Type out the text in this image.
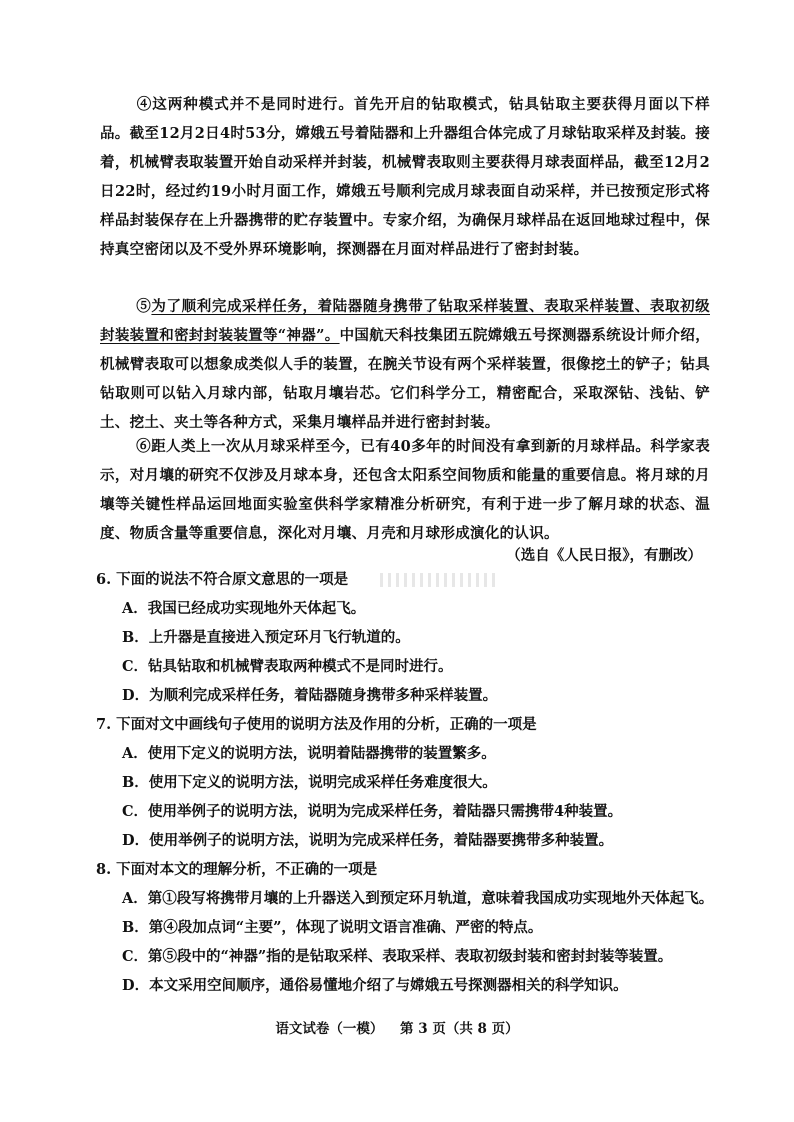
④这两种模式并不是同时进行。首先开启的钻取模式，钻具钻取主要获得月面以下样品。截至12月2日4时53分，嫦娥五号着陆器和上升器组合体完成了月球钻取采样及封装。接着，机械臂表取装置开始自动采样并封装，机械臂表取则主要获得月球表面样品，截至12月2日22时，经过约19小时月面工作，嫦娥五号顺利完成月球表面自动采样，并已按预定形式将样品封装保存在上升器携带的贮存装置中。专家介绍，为确保月球样品在返回地球过程中，保持真空密闭以及不受外界环境影响，探测器在月面对样品进行了密封封装。
⑤为了顺利完成采样任务，着陆器随身携带了钻取采样装置、表取采样装置、表取初级封装装置和密封封装装置等“神器”。中国航天科技集团五院嫦娥五号探测器系统设计师介绍，机械臂表取可以想象成类似人手的装置，在腕关节设有两个采样装置，很像挖土的铲子；钻具钻取则可以钻入月球内部，钻取月壤岩芯。它们科学分工，精密配合，采取深钻、浅钻、铲土、挖土、夹土等各种方式，采集月壤样品并进行密封封装。
⑥距人类上一次从月球采样至今，已有40多年的时间没有拿到新的月球样品。科学家表示，对月壤的研究不仅涉及月球本身，还包含太阳系空间物质和能量的重要信息。将月球的月壤等关键性样品运回地面实验室供科学家精准分析研究，有利于进一步了解月球的状态、温度、物质含量等重要信息，深化对月壤、月壳和月球形成演化的认识。
（选自《人民日报》，有删改）
6. 下面的说法不符合原文意思的一项是
A．我国已经成功实现地外天体起飞。
B．上升器是直接进入预定环月飞行轨道的。
C．钻具钻取和机械臂表取两种模式不是同时进行。
D．为顺利完成采样任务，着陆器随身携带多种采样装置。
7. 下面对文中画线句子使用的说明方法及作用的分析，正确的一项是
A．使用下定义的说明方法，说明着陆器携带的装置繁多。
B．使用下定义的说明方法，说明完成采样任务难度很大。
C．使用举例子的说明方法，说明为完成采样任务，着陆器只需携带4种装置。
D．使用举例子的说明方法，说明为完成采样任务，着陆器要携带多种装置。
8. 下面对本文的理解分析，不正确的一项是
A．第①段写将携带月壤的上升器送入到预定环月轨道，意味着我国成功实现地外天体起飞。
B．第④段加点词“主要”，体现了说明文语言准确、严密的特点。
C．第⑤段中的“神器”指的是钻取采样、表取采样、表取初级封装和密封封装等装置。
D．本文采用空间顺序，通俗易懂地介绍了与嫦娥五号探测器相关的科学知识。
语文试卷（一模） 第 3 页（共 8 页）
